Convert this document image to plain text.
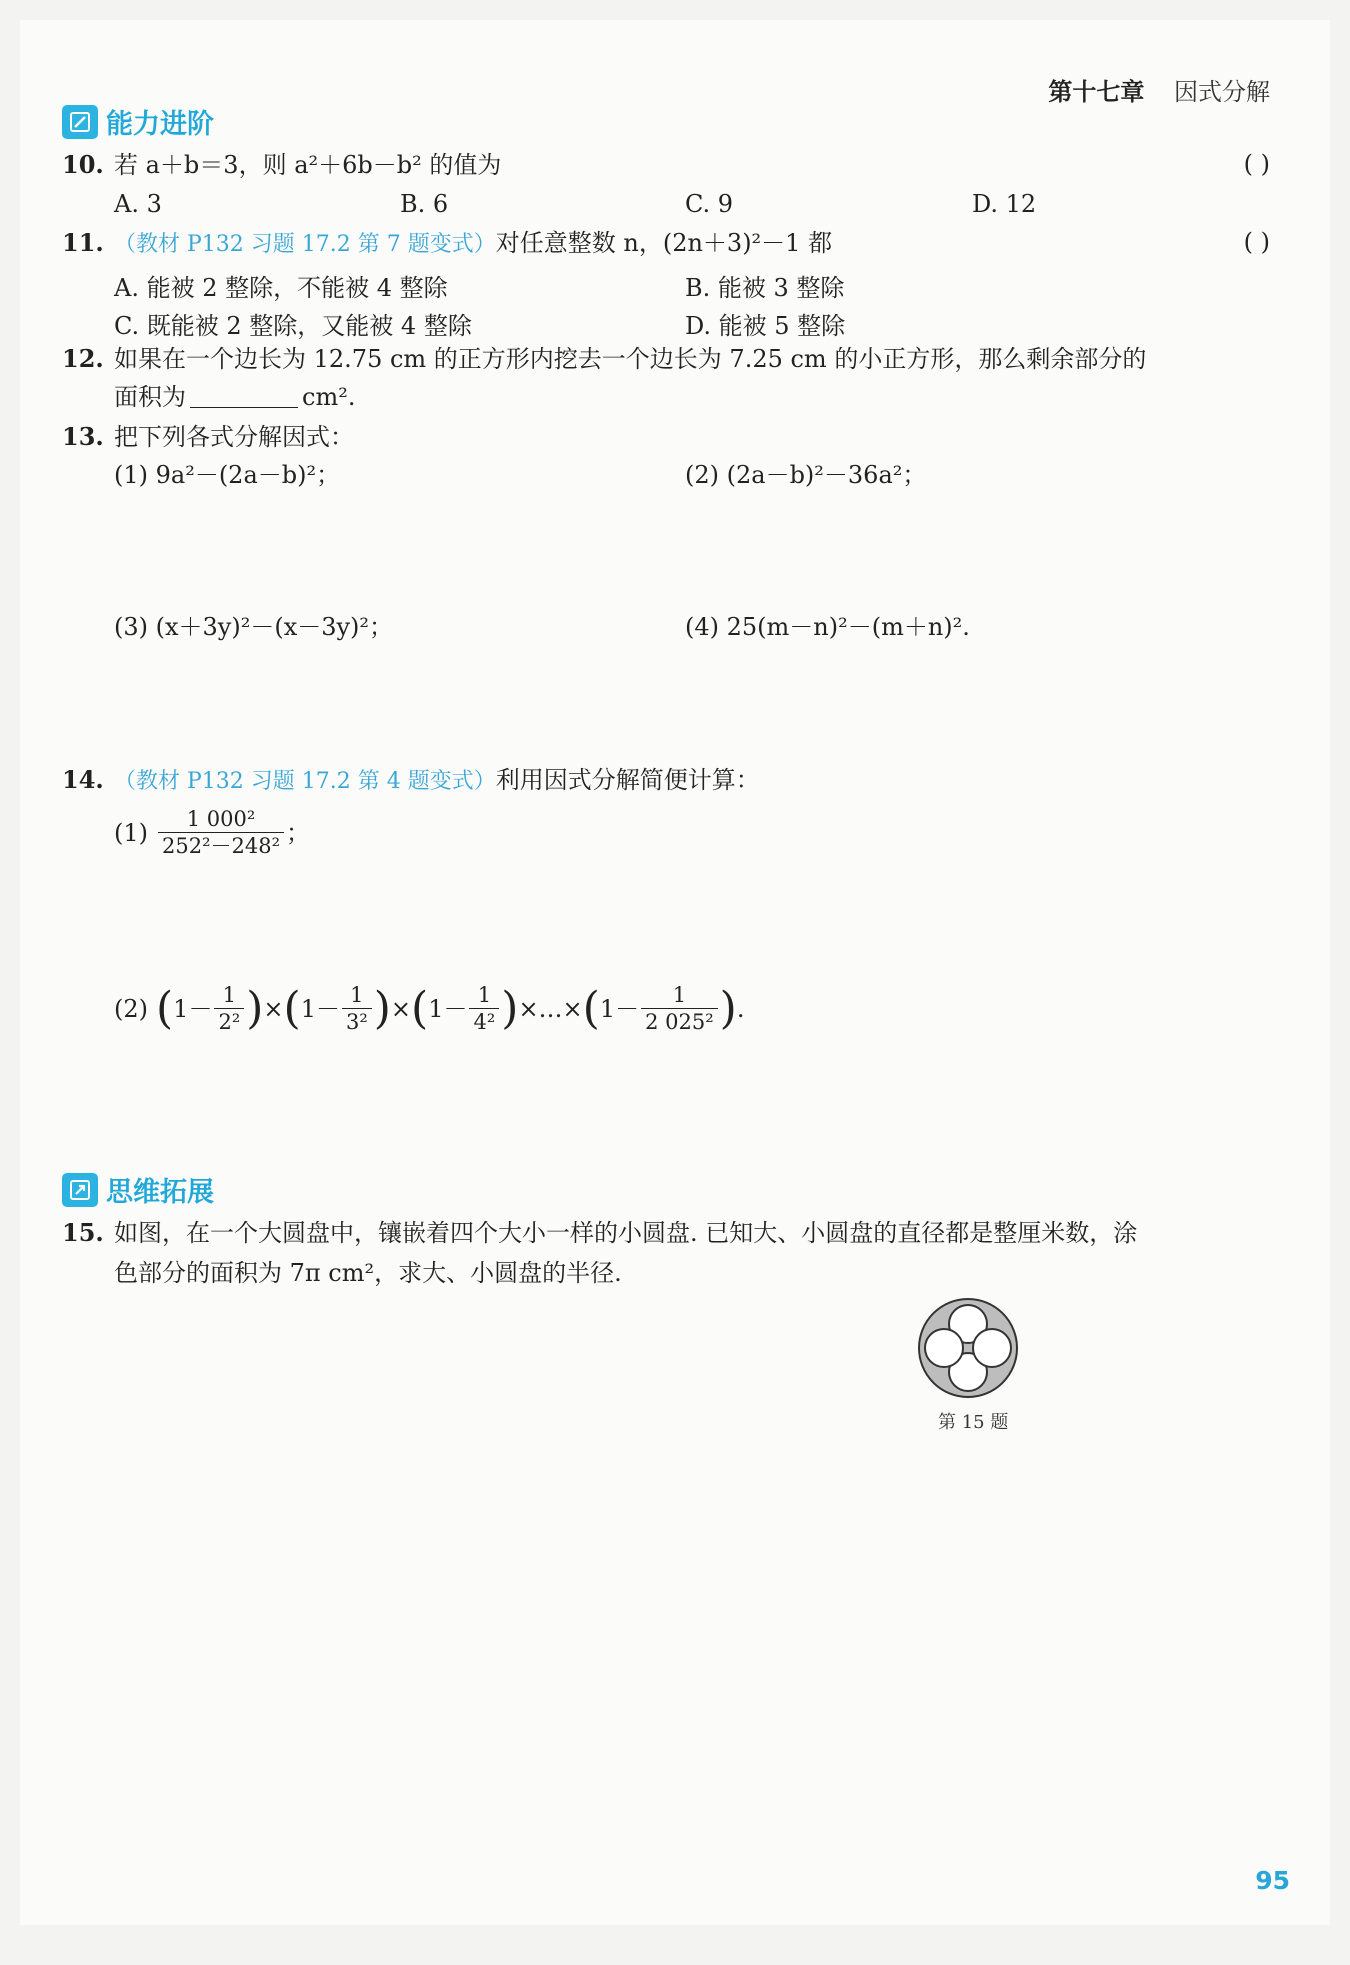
第十七章 因式分解
能力进阶
10. 若 a＋b＝3，则 a²＋6b－b² 的值为	( )
A. 3	B. 6	C. 9	D. 12
11. （教材 P132 习题 17.2 第 7 题变式）对任意整数 n，(2n＋3)²－1 都	( )
A. 能被 2 整除，不能被 4 整除	B. 能被 3 整除
C. 既能被 2 整除，又能被 4 整除	D. 能被 5 整除
12. 如果在一个边长为 12.75 cm 的正方形内挖去一个边长为 7.25 cm 的小正方形，那么剩余部分的
面积为	cm².
13. 把下列各式分解因式：
(1) 9a²－(2a－b)²；	(2) (2a－b)²－36a²；
(3) (x＋3y)²－(x－3y)²；	(4) 25(m－n)²－(m＋n)².
14. （教材 P132 习题 17.2 第 4 题变式）利用因式分解简便计算：
$(1) \frac{\text{1 000²}}{\text{252²－248²}}$ ；
(2) ( $1 - \frac{1}{\text{2²}}$ ) × ( $1 - \frac{1}{\text{3²}}$ ) × ( $1 - \frac{1}{\text{4²}}$ ) ×…× ( $1 - \frac{1}{\text{2 025²}}$ ) .
思维拓展
15. 如图，在一个大圆盘中，镶嵌着四个大小一样的小圆盘. 已知大、小圆盘的直径都是整厘米数，涂
色部分的面积为 7π cm²，求大、小圆盘的半径.
第 15 题
95
